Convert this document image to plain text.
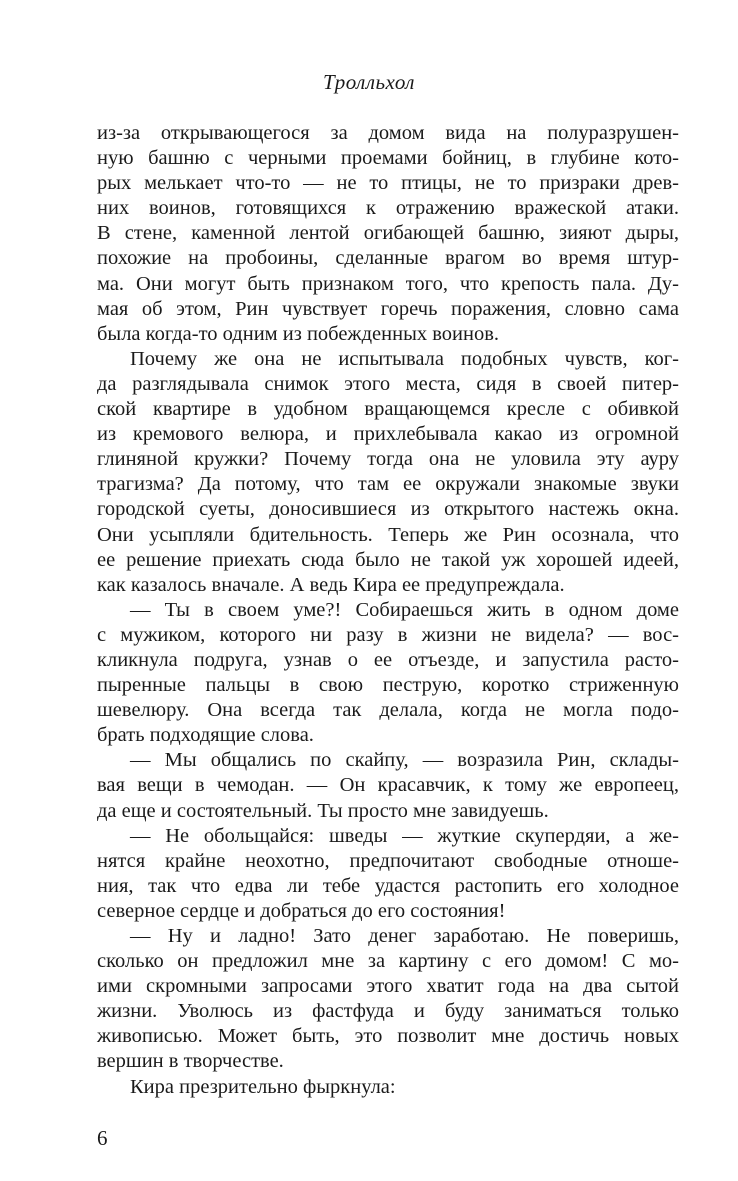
Тролльхол
из-за открывающегося за домом вида на полуразрушен-
ную башню с черными проемами бойниц, в глубине кото-
рых мелькает что-то — не то птицы, не то призраки древ-
них воинов, готовящихся к отражению вражеской атаки.
В стене, каменной лентой огибающей башню, зияют дыры,
похожие на пробоины, сделанные врагом во время штур-
ма. Они могут быть признаком того, что крепость пала. Ду-
мая об этом, Рин чувствует горечь поражения, словно сама
была когда-то одним из побежденных воинов.
Почему же она не испытывала подобных чувств, ког-
да разглядывала снимок этого места, сидя в своей питер-
ской квартире в удобном вращающемся кресле с обивкой
из кремового велюра, и прихлебывала какао из огромной
глиняной кружки? Почему тогда она не уловила эту ауру
трагизма? Да потому, что там ее окружали знакомые звуки
городской суеты, доносившиеся из открытого настежь окна.
Они усыпляли бдительность. Теперь же Рин осознала, что
ее решение приехать сюда было не такой уж хорошей идеей,
как казалось вначале. А ведь Кира ее предупреждала.
— Ты в своем уме?! Собираешься жить в одном доме
с мужиком, которого ни разу в жизни не видела? — вос-
кликнула подруга, узнав о ее отъезде, и запустила расто-
пыренные пальцы в свою пеструю, коротко стриженную
шевелюру. Она всегда так делала, когда не могла подо-
брать подходящие слова.
— Мы общались по скайпу, — возразила Рин, склады-
вая вещи в чемодан. — Он красавчик, к тому же европеец,
да еще и состоятельный. Ты просто мне завидуешь.
— Не обольщайся: шведы — жуткие скупердяи, а же-
нятся крайне неохотно, предпочитают свободные отноше-
ния, так что едва ли тебе удастся растопить его холодное
северное сердце и добраться до его состояния!
— Ну и ладно! Зато денег заработаю. Не поверишь,
сколько он предложил мне за картину с его домом! С мо-
ими скромными запросами этого хватит года на два сытой
жизни. Уволюсь из фастфуда и буду заниматься только
живописью. Может быть, это позволит мне достичь новых
вершин в творчестве.
Кира презрительно фыркнула:
6
